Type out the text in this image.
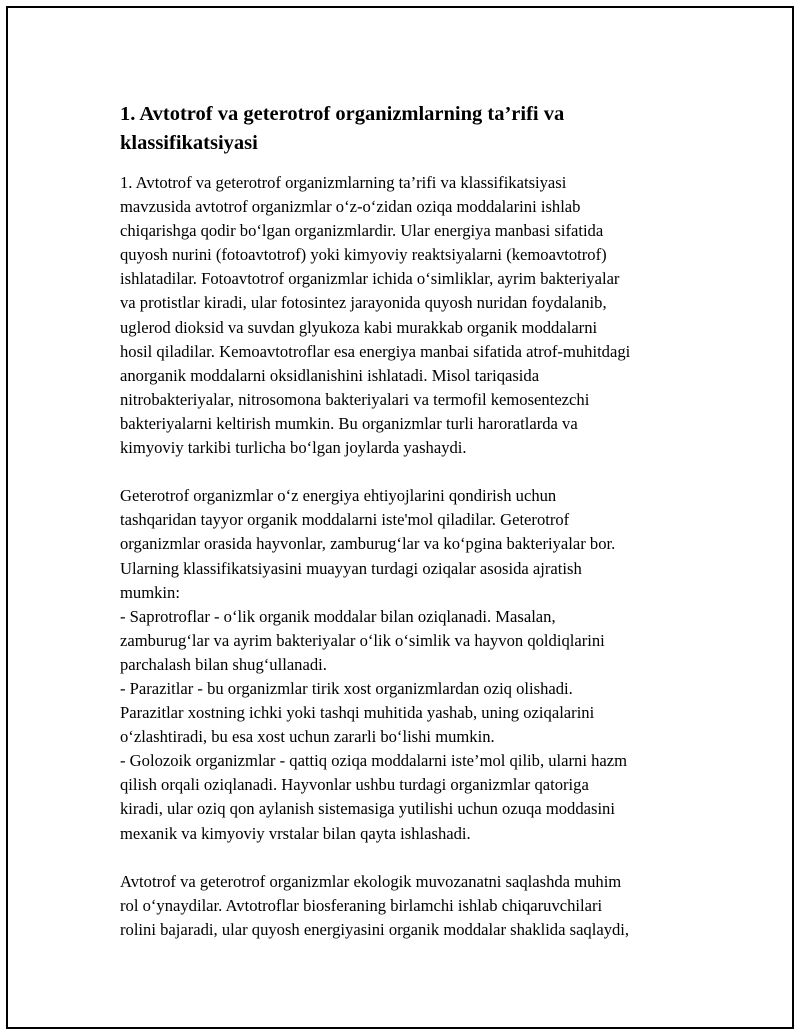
1. Avtotrof va geterotrof organizmlarning ta’rifi va
klassifikatsiyasi
1. Avtotrof va geterotrof organizmlarning ta’rifi va klassifikatsiyasi
mavzusida avtotrof organizmlar o‘z-o‘zidan oziqa moddalarini ishlab
chiqarishga qodir bo‘lgan organizmlardir. Ular energiya manbasi sifatida
quyosh nurini (fotoavtotrof) yoki kimyoviy reaktsiyalarni (kemoavtotrof)
ishlatadilar. Fotoavtotrof organizmlar ichida o‘simliklar, ayrim bakteriyalar
va protistlar kiradi, ular fotosintez jarayonida quyosh nuridan foydalanib,
uglerod dioksid va suvdan glyukoza kabi murakkab organik moddalarni
hosil qiladilar. Kemoavtotroflar esa energiya manbai sifatida atrof-muhitdagi
anorganik moddalarni oksidlanishini ishlatadi. Misol tariqasida
nitrobakteriyalar, nitrosomona bakteriyalari va termofil kemosentezchi
bakteriyalarni keltirish mumkin. Bu organizmlar turli haroratlarda va
kimyoviy tarkibi turlicha bo‘lgan joylarda yashaydi.
Geterotrof organizmlar o‘z energiya ehtiyojlarini qondirish uchun
tashqaridan tayyor organik moddalarni iste'mol qiladilar. Geterotrof
organizmlar orasida hayvonlar, zamburug‘lar va ko‘pgina bakteriyalar bor.
Ularning klassifikatsiyasini muayyan turdagi oziqalar asosida ajratish
mumkin:
- Saprotroflar - o‘lik organik moddalar bilan oziqlanadi. Masalan,
zamburug‘lar va ayrim bakteriyalar o‘lik o‘simlik va hayvon qoldiqlarini
parchalash bilan shug‘ullanadi.
- Parazitlar - bu organizmlar tirik xost organizmlardan oziq olishadi.
Parazitlar xostning ichki yoki tashqi muhitida yashab, uning oziqalarini
o‘zlashtiradi, bu esa xost uchun zararli bo‘lishi mumkin.
- Golozoik organizmlar - qattiq oziqa moddalarni iste’mol qilib, ularni hazm
qilish orqali oziqlanadi. Hayvonlar ushbu turdagi organizmlar qatoriga
kiradi, ular oziq qon aylanish sistemasiga yutilishi uchun ozuqa moddasini
mexanik va kimyoviy vrstalar bilan qayta ishlashadi.
Avtotrof va geterotrof organizmlar ekologik muvozanatni saqlashda muhim
rol o‘ynaydilar. Avtotroflar biosferaning birlamchi ishlab chiqaruvchilari
rolini bajaradi, ular quyosh energiyasini organik moddalar shaklida saqlaydi,
